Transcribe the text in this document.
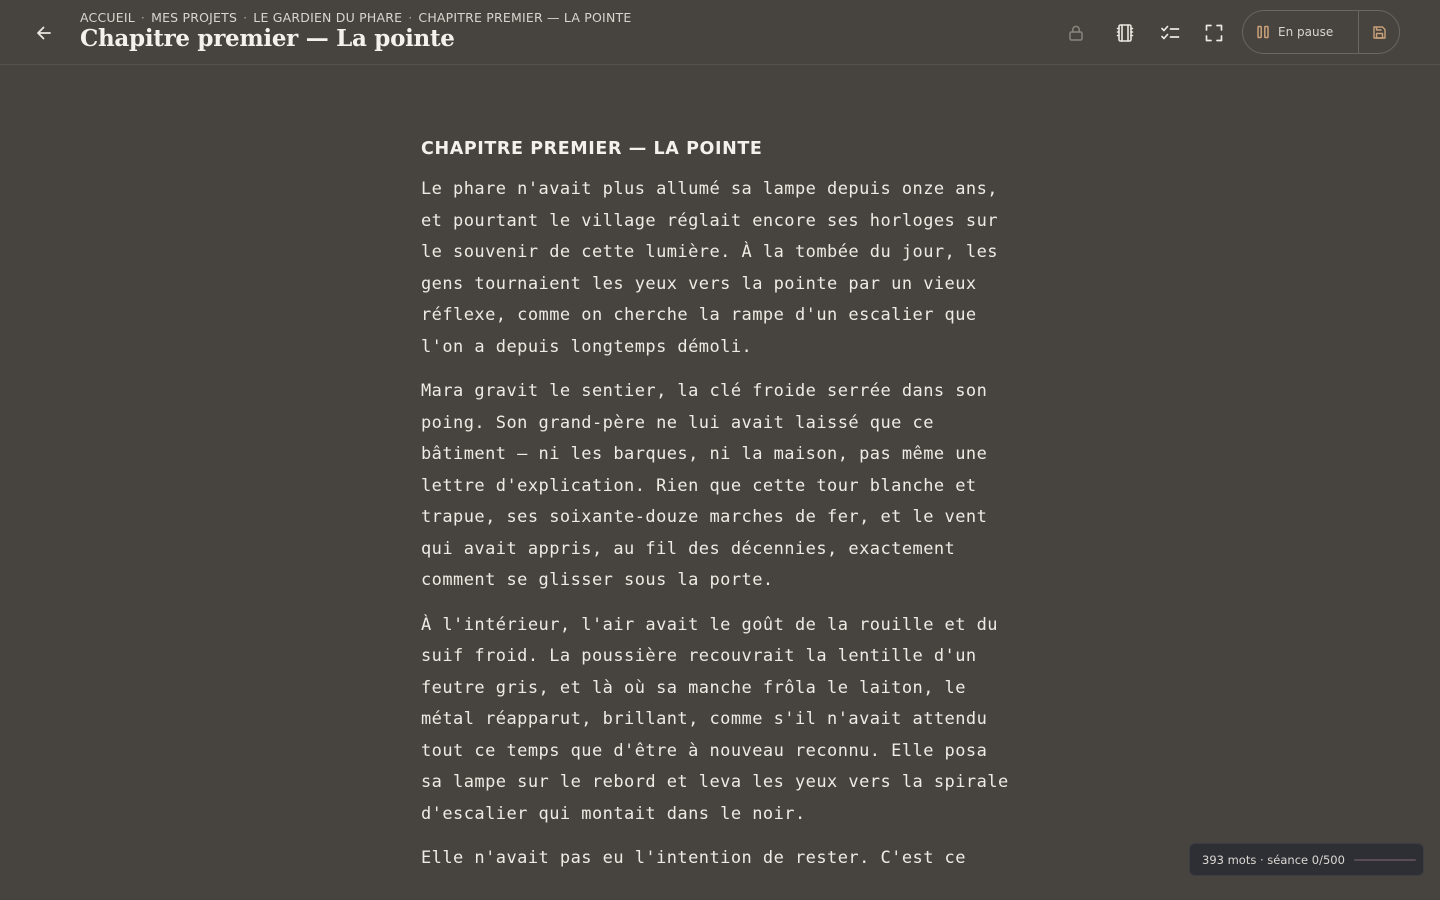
ACCUEIL · MES PROJETS · LE GARDIEN DU PHARE · CHAPITRE PREMIER — LA POINTE
Chapitre premier — La pointe	En pause
CHAPITRE PREMIER — LA POINTE

Le phare n'avait plus allumé sa lampe depuis onze ans,
et pourtant le village réglait encore ses horloges sur
le souvenir de cette lumière. À la tombée du jour, les
gens tournaient les yeux vers la pointe par un vieux
réflexe, comme on cherche la rampe d'un escalier que
l'on a depuis longtemps démoli.

Mara gravit le sentier, la clé froide serrée dans son
poing. Son grand-père ne lui avait laissé que ce
bâtiment — ni les barques, ni la maison, pas même une
lettre d'explication. Rien que cette tour blanche et
trapue, ses soixante-douze marches de fer, et le vent
qui avait appris, au fil des décennies, exactement
comment se glisser sous la porte.

À l'intérieur, l'air avait le goût de la rouille et du
suif froid. La poussière recouvrait la lentille d'un
feutre gris, et là où sa manche frôla le laiton, le
métal réapparut, brillant, comme s'il n'avait attendu
tout ce temps que d'être à nouveau reconnu. Elle posa
sa lampe sur le rebord et leva les yeux vers la spirale
d'escalier qui montait dans le noir.

Elle n'avait pas eu l'intention de rester. C'est ce	393 mots · séance 0/500
